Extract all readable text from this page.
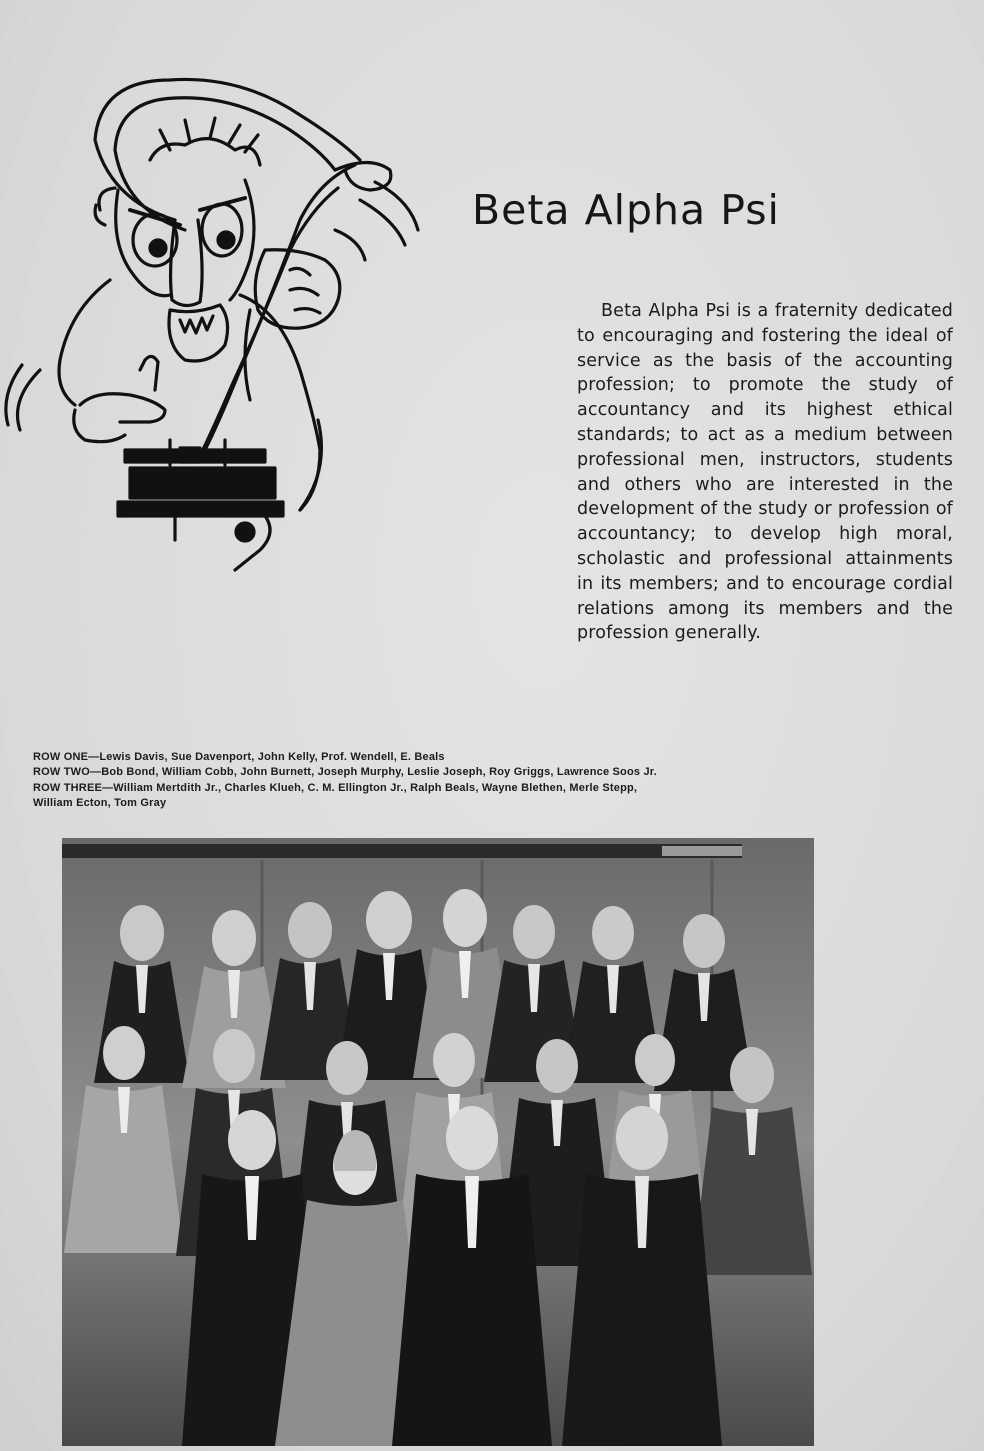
Beta Alpha Psi

Beta Alpha Psi is a fraternity dedicated to encouraging and fostering the ideal of service as the basis of the accounting profession; to promote the study of accountancy and its highest ethical standards; to act as a medium between professional men, instructors, students and others who are interested in the development of the study or profession of accountancy; to develop high moral, scholastic and professional attainments in its members; and to encourage cordial relations among its members and the profession generally.

ROW ONE—Lewis Davis, Sue Davenport, John Kelly, Prof. Wendell, E. Beals

ROW TWO—Bob Bond, William Cobb, John Burnett, Joseph Murphy, Leslie Joseph, Roy Griggs, Lawrence Soos Jr.

ROW THREE—William Mertdith Jr., Charles Klueh, C. M. Ellington Jr., Ralph Beals, Wayne Blethen, Merle Stepp, William Ecton, Tom Gray
